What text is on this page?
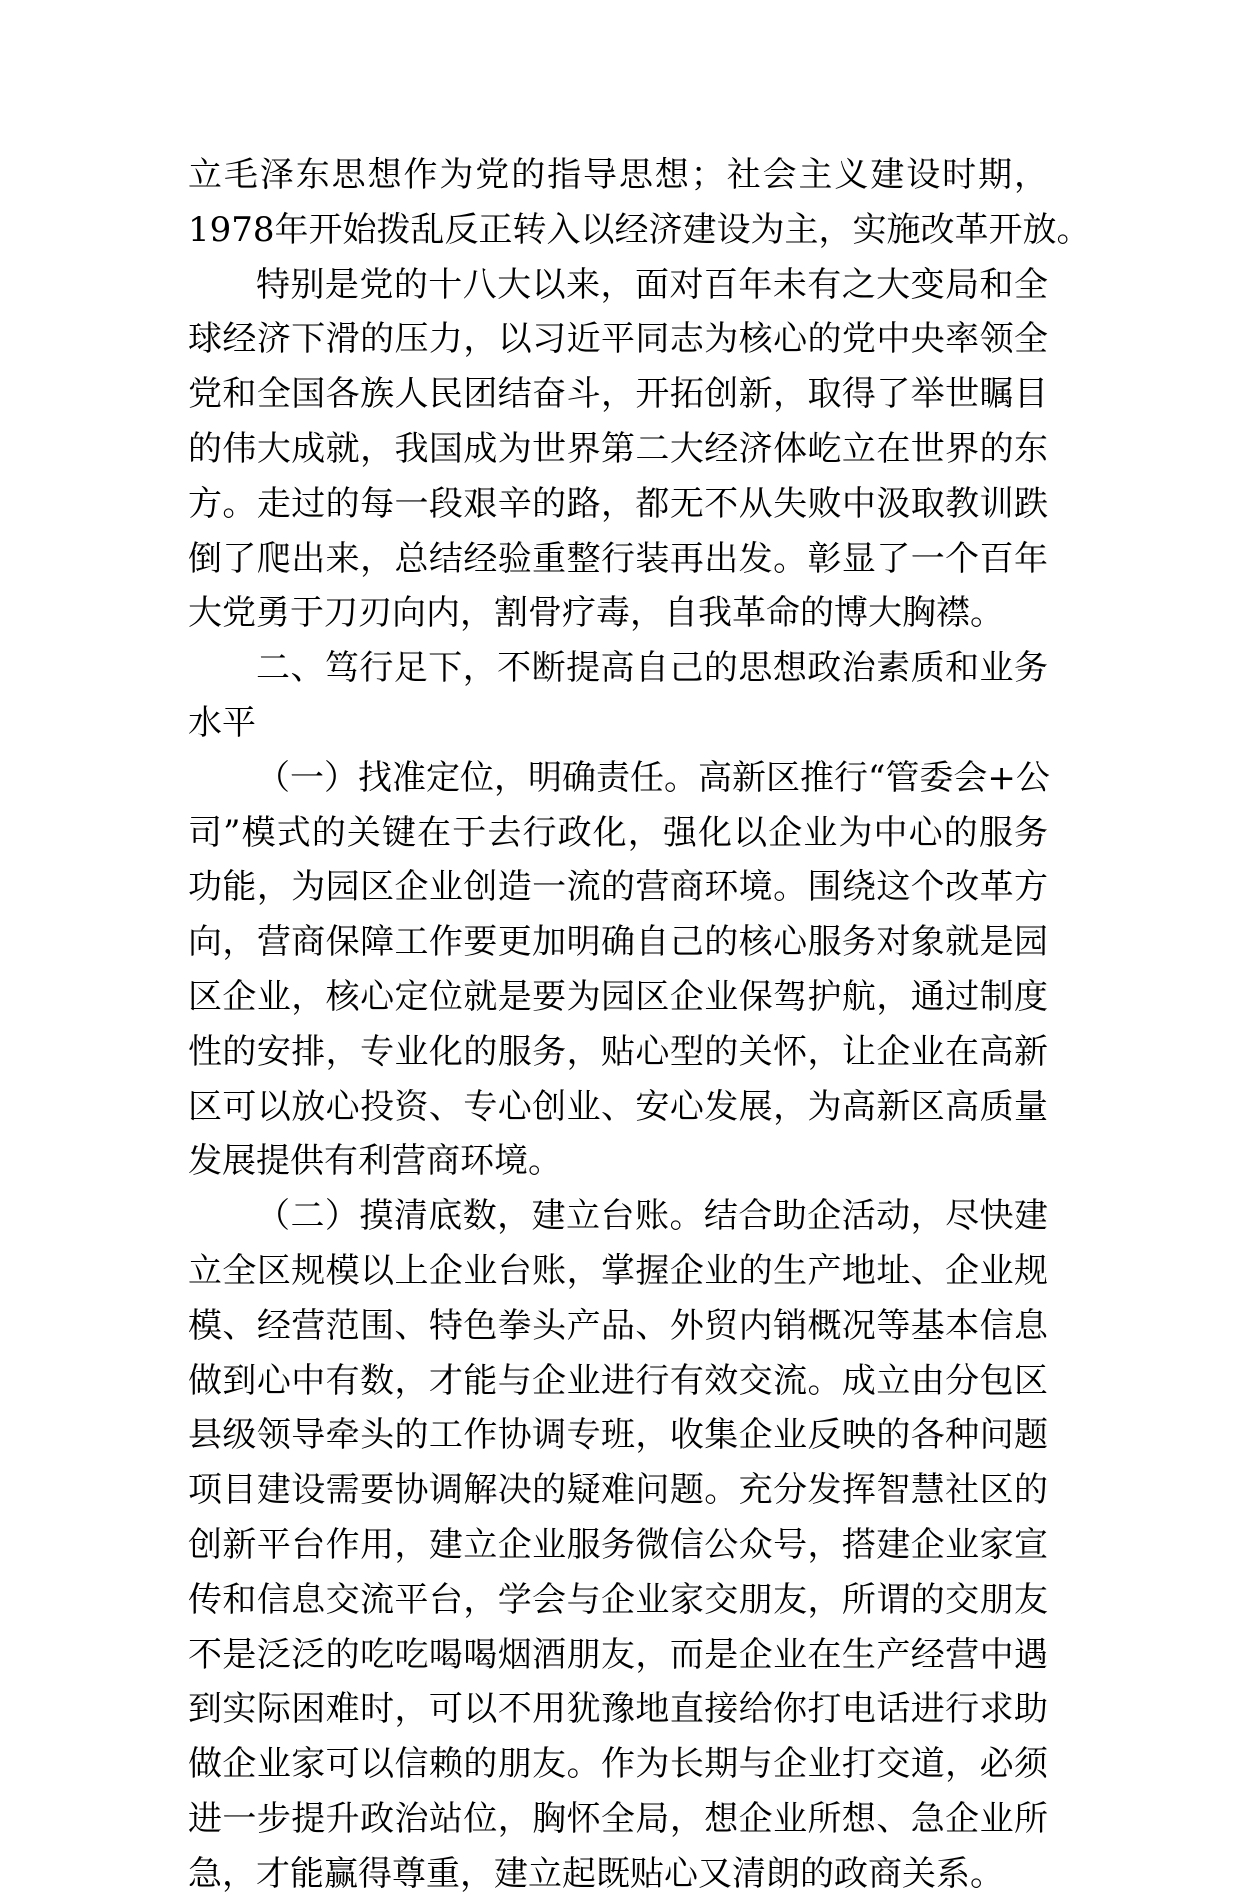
立毛泽东思想作为党的指导思想；社会主义建设时期，
1978年开始拨乱反正转入以经济建设为主，实施改革开放。
特别是党的十八大以来，面对百年未有之大变局和全
球经济下滑的压力，以习近平同志为核心的党中央率领全
党和全国各族人民团结奋斗，开拓创新，取得了举世瞩目
的伟大成就，我国成为世界第二大经济体屹立在世界的东
方。走过的每一段艰辛的路，都无不从失败中汲取教训跌
倒了爬出来，总结经验重整行装再出发。彰显了一个百年
大党勇于刀刃向内，割骨疗毒，自我革命的博大胸襟。
二、笃行足下，不断提高自己的思想政治素质和业务
水平
（一）找准定位，明确责任。高新区推行“管委会+公
司”模式的关键在于去行政化，强化以企业为中心的服务
功能，为园区企业创造一流的营商环境。围绕这个改革方
向，营商保障工作要更加明确自己的核心服务对象就是园
区企业，核心定位就是要为园区企业保驾护航，通过制度
性的安排，专业化的服务，贴心型的关怀，让企业在高新
区可以放心投资、专心创业、安心发展，为高新区高质量
发展提供有利营商环境。
（二）摸清底数，建立台账。结合助企活动，尽快建
立全区规模以上企业台账，掌握企业的生产地址、企业规
模、经营范围、特色拳头产品、外贸内销概况等基本信息
做到心中有数，才能与企业进行有效交流。成立由分包区
县级领导牵头的工作协调专班，收集企业反映的各种问题
项目建设需要协调解决的疑难问题。充分发挥智慧社区的
创新平台作用，建立企业服务微信公众号，搭建企业家宣
传和信息交流平台，学会与企业家交朋友，所谓的交朋友
不是泛泛的吃吃喝喝烟酒朋友，而是企业在生产经营中遇
到实际困难时，可以不用犹豫地直接给你打电话进行求助
做企业家可以信赖的朋友。作为长期与企业打交道，必须
进一步提升政治站位，胸怀全局，想企业所想、急企业所
急，才能赢得尊重，建立起既贴心又清朗的政商关系。
